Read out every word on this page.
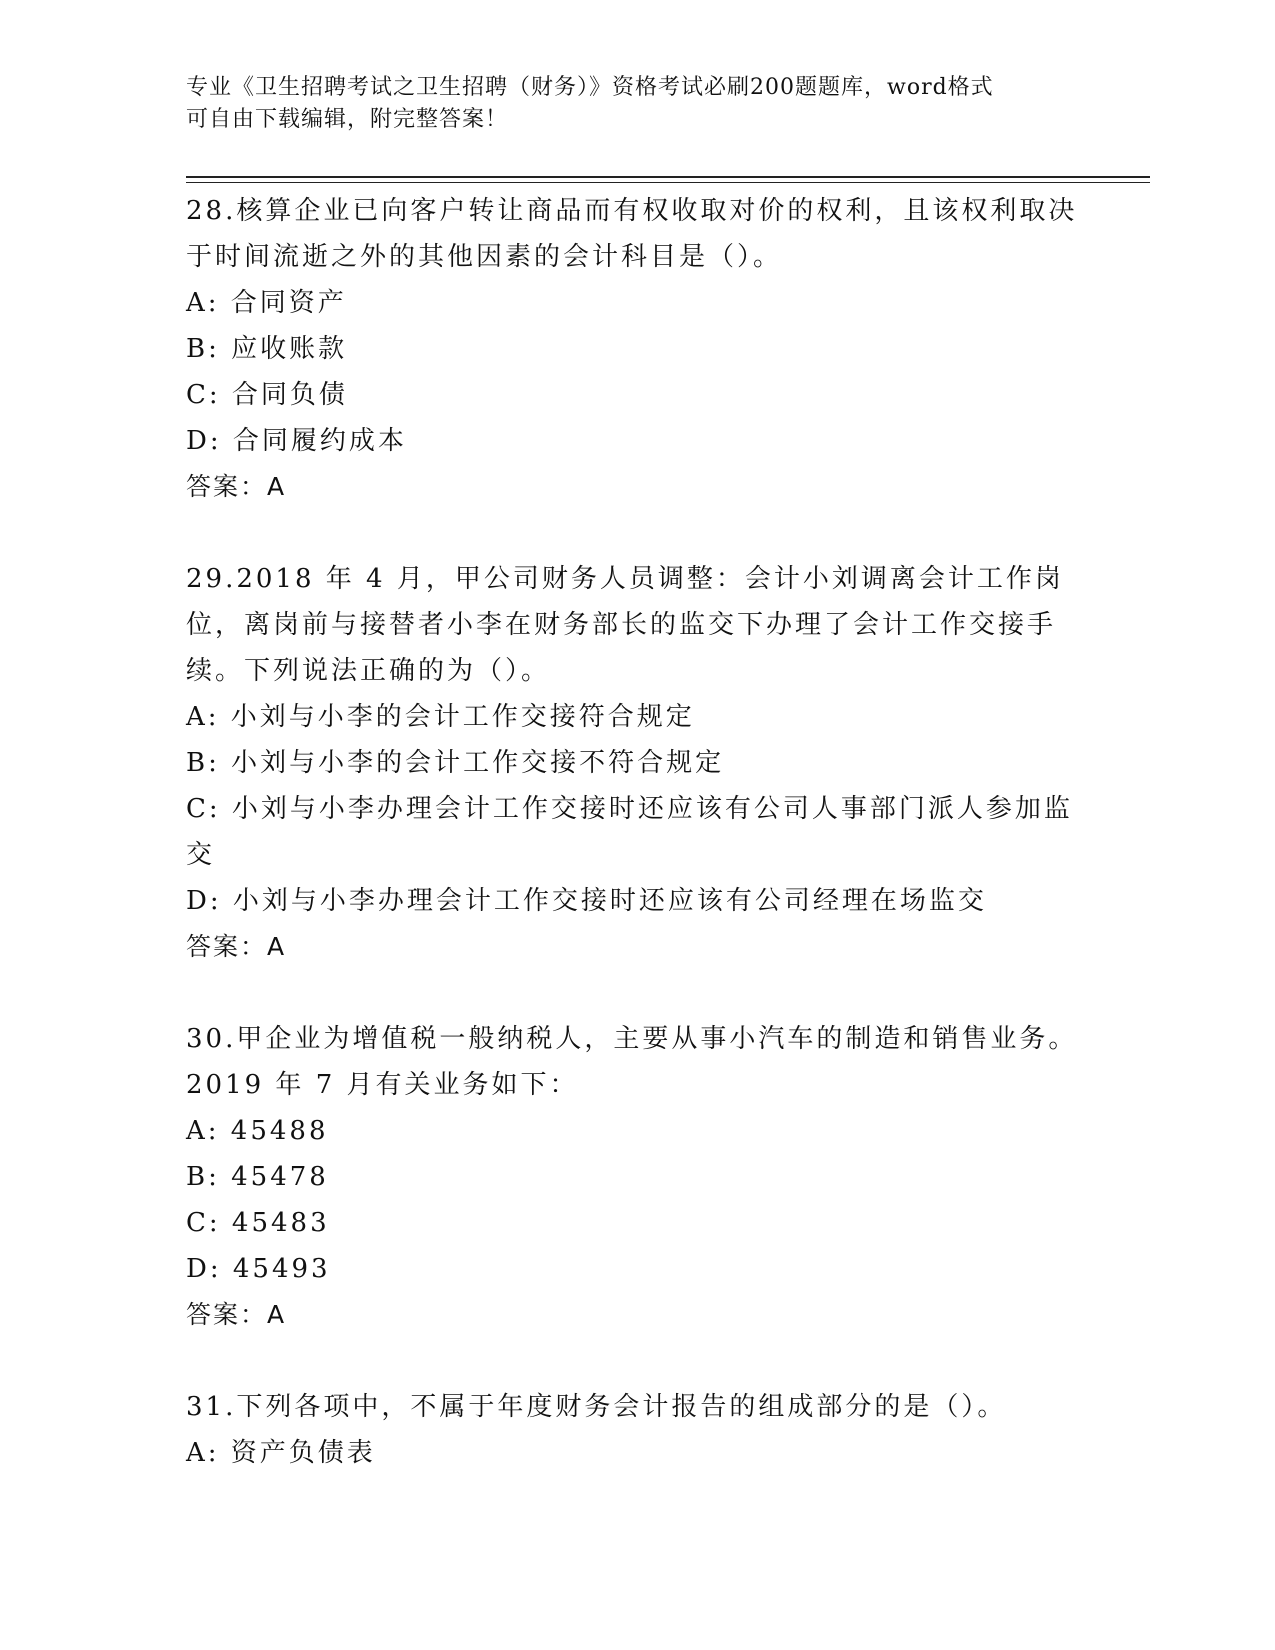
专业《卫生招聘考试之卫生招聘（财务）》资格考试必刷200题题库，word格式
可自由下载编辑，附完整答案！
28.核算企业已向客户转让商品而有权收取对价的权利，且该权利取决于时间流逝之外的其他因素的会计科目是（）。
A: 合同资产
B: 应收账款
C: 合同负债
D: 合同履约成本
答案：A
29.2018 年 4 月，甲公司财务人员调整：会计小刘调离会计工作岗位，离岗前与接替者小李在财务部长的监交下办理了会计工作交接手续。下列说法正确的为（）。
A: 小刘与小李的会计工作交接符合规定
B: 小刘与小李的会计工作交接不符合规定
C: 小刘与小李办理会计工作交接时还应该有公司人事部门派人参加监交
D: 小刘与小李办理会计工作交接时还应该有公司经理在场监交
答案：A
30.甲企业为增值税一般纳税人，主要从事小汽车的制造和销售业务。2019 年 7 月有关业务如下：
A: 45488
B: 45478
C: 45483
D: 45493
答案：A
31.下列各项中，不属于年度财务会计报告的组成部分的是（）。
A: 资产负债表
